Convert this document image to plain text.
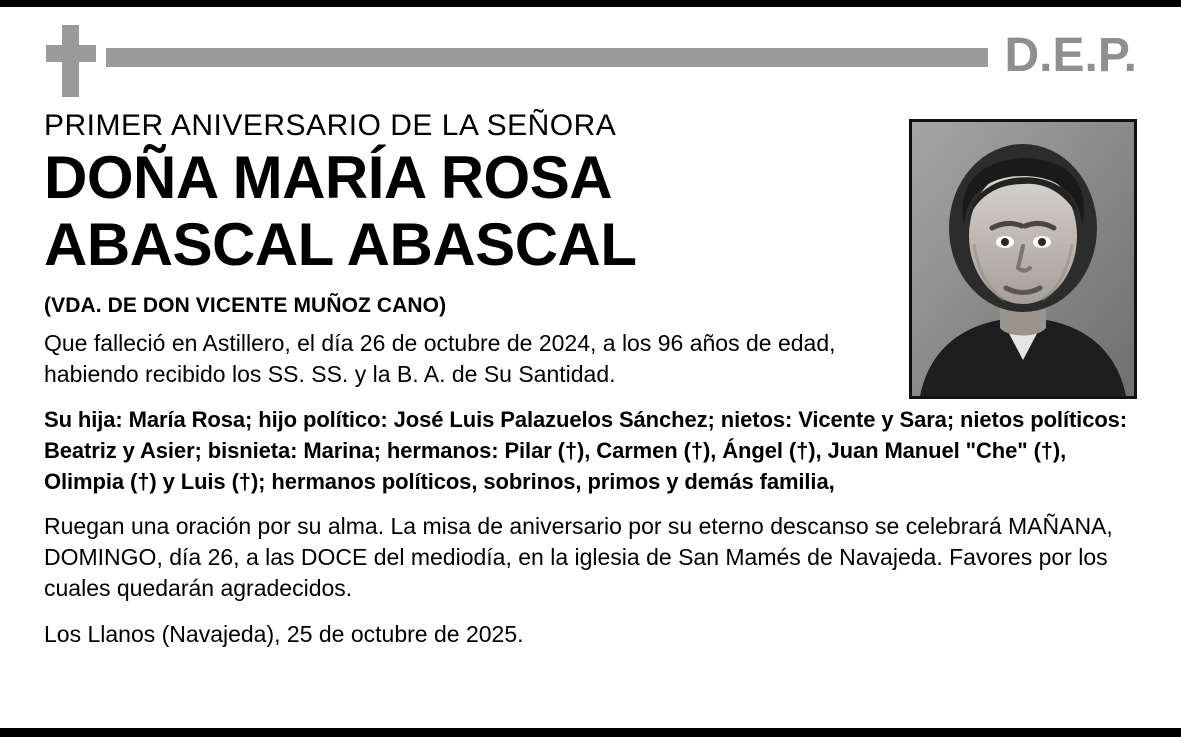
D.E.P.
PRIMER ANIVERSARIO DE LA SEÑORA
DOÑA MARÍA ROSA
ABASCAL ABASCAL
(VDA. DE DON VICENTE MUÑOZ CANO)
Que falleció en Astillero, el día 26 de octubre de 2024, a los 96 años de edad, habiendo recibido los SS. SS. y la B. A. de Su Santidad.
Su hija: María Rosa; hijo político: José Luis Palazuelos Sánchez; nietos: Vicente y Sara; nietos políticos: Beatriz y Asier; bisnieta: Marina; hermanos: Pilar (†), Carmen (†), Ángel (†), Juan Manuel "Che" (†), Olimpia (†) y Luis (†); hermanos políticos, sobrinos, primos y demás familia,
Ruegan una oración por su alma. La misa de aniversario por su eterno descanso se celebrará MAÑANA, DOMINGO, día 26, a las DOCE del mediodía, en la iglesia de San Mamés de Navajeda. Favores por los cuales quedarán agradecidos.
Los Llanos (Navajeda), 25 de octubre de 2025.
